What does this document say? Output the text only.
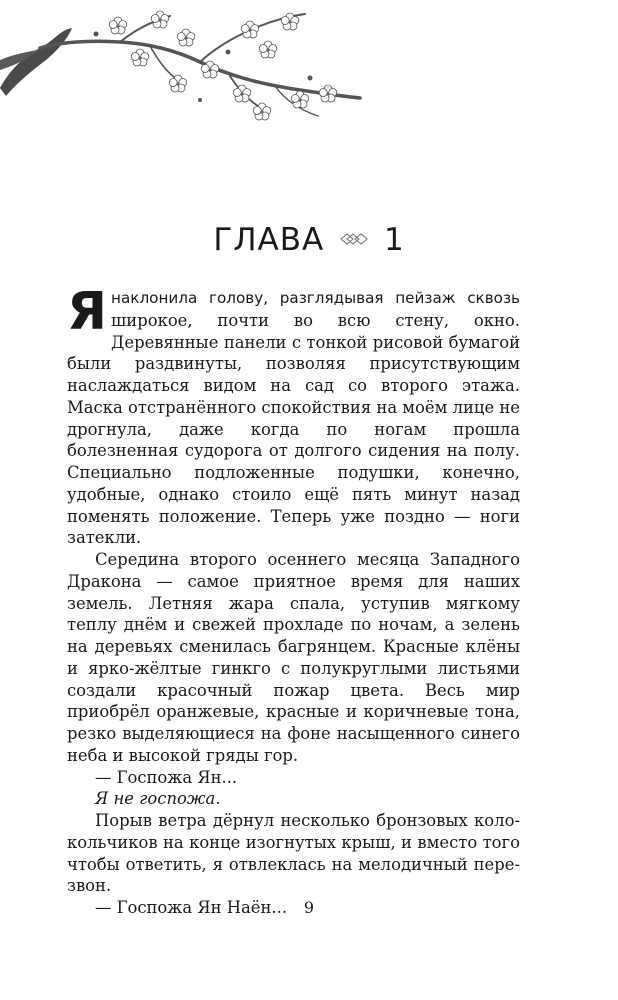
ГЛАВА 1

Янаклонила голову, разглядывая пейзаж сквозь широкое, почти во всю стену, окно. Деревянные панели с тонкой рисовой бумагой были раздвинуты, позволяя присутствующим наслаждаться видом на сад со второго этажа. Маска отстранённого спокойствия на моём лице не дрогнула, даже когда по ногам прошла болезненная судорога от долгого сидения на полу. Специально подложенные подушки, конечно, удобные, однако стоило ещё пять минут назад поменять положение. Теперь уже поздно — ноги затекли.

Середина второго осеннего месяца Западного Дракона — самое приятное время для наших земель. Летняя жара спала, уступив мягкому теплу днём и свежей прохладе по ночам, а зелень на деревьях сменилась багрянцем. Красные клёны и ярко-жёлтые гинкго с полукруглыми листьями создали красочный пожар цвета. Весь мир приобрёл оранжевые, красные и коричневые тона, резко выделяющиеся на фоне насыщенного синего неба и высокой гряды гор.

— Госпожа Ян...

Я не госпожа.

Порыв ветра дёрнул несколько бронзовых колокольчиков на конце изогнутых крыш, и вместо того чтобы ответить, я отвлеклась на мелодичный перезвон.

— Госпожа Ян Наён...	9
